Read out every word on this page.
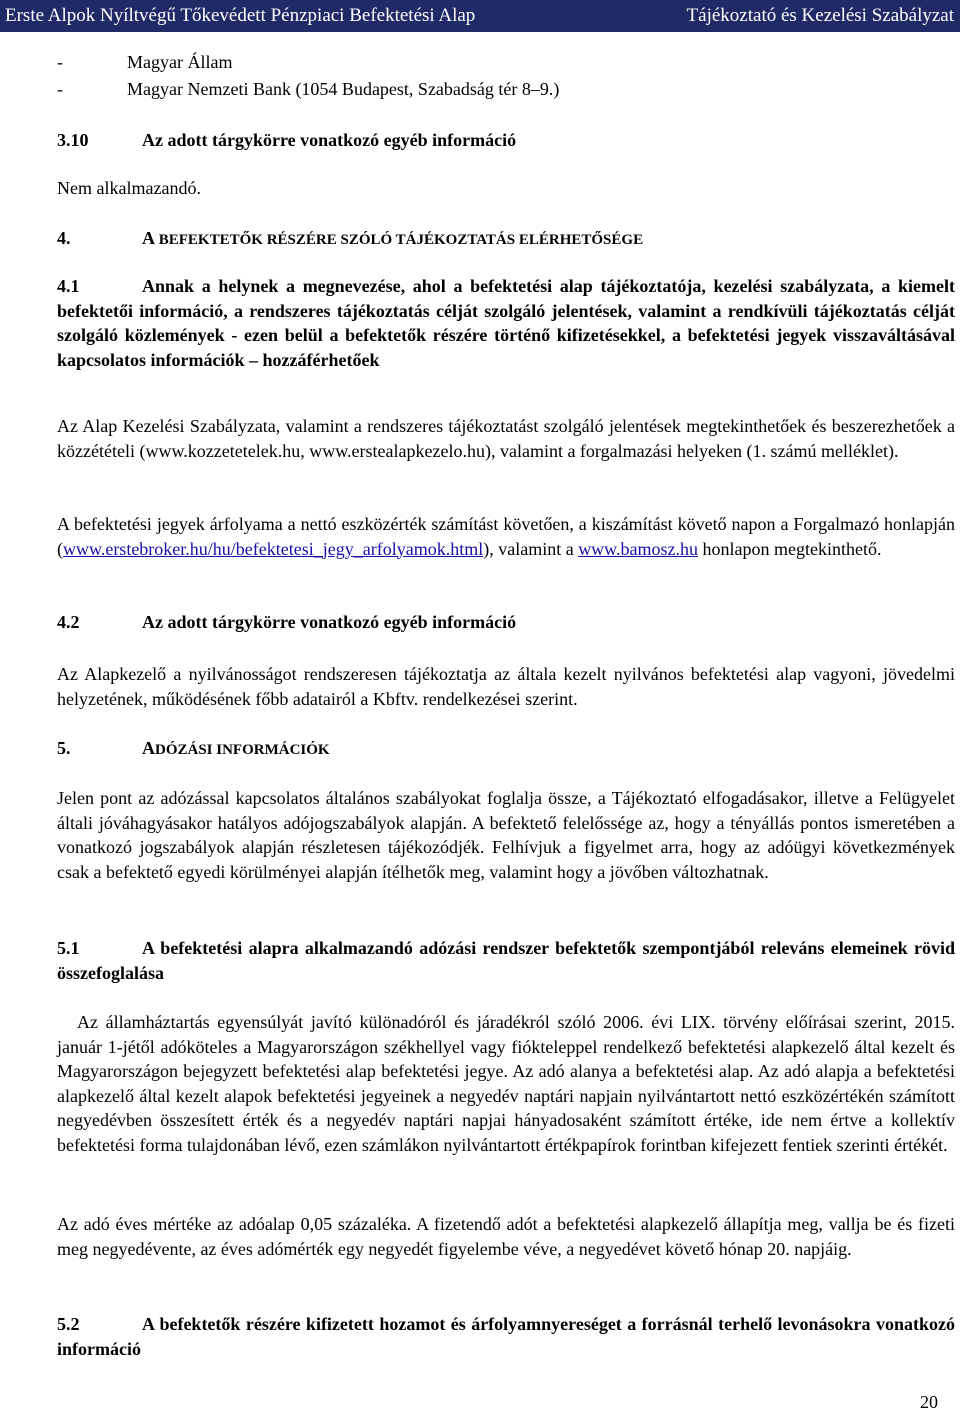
Erste Alpok Nyíltvégű Tőkevédett Pénzpiaci Befektetési Alap	Tájékoztató és Kezelési Szabályzat
-	Magyar Állam
-	Magyar Nemzeti Bank (1054 Budapest, Szabadság tér 8–9.)
3.10	Az adott tárgykörre vonatkozó egyéb információ

Nem alkalmazandó.

4.	A BEFEKTETŐK RÉSZÉRE SZÓLÓ TÁJÉKOZTATÁS ELÉRHETŐSÉGE

4.1	Annak a helynek a megnevezése, ahol a befektetési alap tájékoztatója, kezelési szabályzata, a kiemelt befektetői információ, a rendszeres tájékoztatás célját szolgáló jelentések, valamint a rendkívüli tájékoztatás célját szolgáló közlemények - ezen belül a befektetők részére történő kifizetésekkel, a befektetési jegyek visszaváltásával kapcsolatos információk – hozzáférhetőek

Az Alap Kezelési Szabályzata, valamint a rendszeres tájékoztatást szolgáló jelentések megtekinthetőek és beszerezhetőek a közzétételi (www.kozzetetelek.hu, www.erstealapkezelo.hu), valamint a forgalmazási helyeken (1. számú melléklet).

A befektetési jegyek árfolyama a nettó eszközérték számítást követően, a kiszámítást követő napon a Forgalmazó honlapján (www.erstebroker.hu/hu/befektetesi_jegy_arfolyamok.html), valamint a www.bamosz.hu honlapon megtekinthető.

4.2	Az adott tárgykörre vonatkozó egyéb információ

Az Alapkezelő a nyilvánosságot rendszeresen tájékoztatja az általa kezelt nyilvános befektetési alap vagyoni, jövedelmi helyzetének, működésének főbb adatairól a Kbftv. rendelkezései szerint.

5.	ADÓZÁSI INFORMÁCIÓK

Jelen pont az adózással kapcsolatos általános szabályokat foglalja össze, a Tájékoztató elfogadásakor, illetve a Felügyelet általi jóváhagyásakor hatályos adójogszabályok alapján. A befektető felelőssége az, hogy a tényállás pontos ismeretében a vonatkozó jogszabályok alapján részletesen tájékozódjék. Felhívjuk a figyelmet arra, hogy az adóügyi következmények csak a befektető egyedi körülményei alapján ítélhetők meg, valamint hogy a jövőben változhatnak.

5.1	A befektetési alapra alkalmazandó adózási rendszer befektetők szempontjából releváns elemeinek rövid összefoglalása

Az államháztartás egyensúlyát javító különadóról és járadékról szóló 2006. évi LIX. törvény előírásai szerint, 2015. január 1-jétől adóköteles a Magyarországon székhellyel vagy fiókteleppel rendelkező befektetési alapkezelő által kezelt és Magyarországon bejegyzett befektetési alap befektetési jegye. Az adó alanya a befektetési alap. Az adó alapja a befektetési alapkezelő által kezelt alapok befektetési jegyeinek a negyedév naptári napjain nyilvántartott nettó eszközértékén számított negyedévben összesített érték és a negyedév naptári napjai hányadosaként számított értéke, ide nem értve a kollektív befektetési forma tulajdonában lévő, ezen számlákon nyilvántartott értékpapírok forintban kifejezett fentiek szerinti értékét.

Az adó éves mértéke az adóalap 0,05 százaléka. A fizetendő adót a befektetési alapkezelő állapítja meg, vallja be és fizeti meg negyedévente, az éves adómérték egy negyedét figyelembe véve, a negyedévet követő hónap 20. napjáig.

5.2	A befektetők részére kifizetett hozamot és árfolyamnyereséget a forrásnál terhelő levonásokra vonatkozó információ

20
